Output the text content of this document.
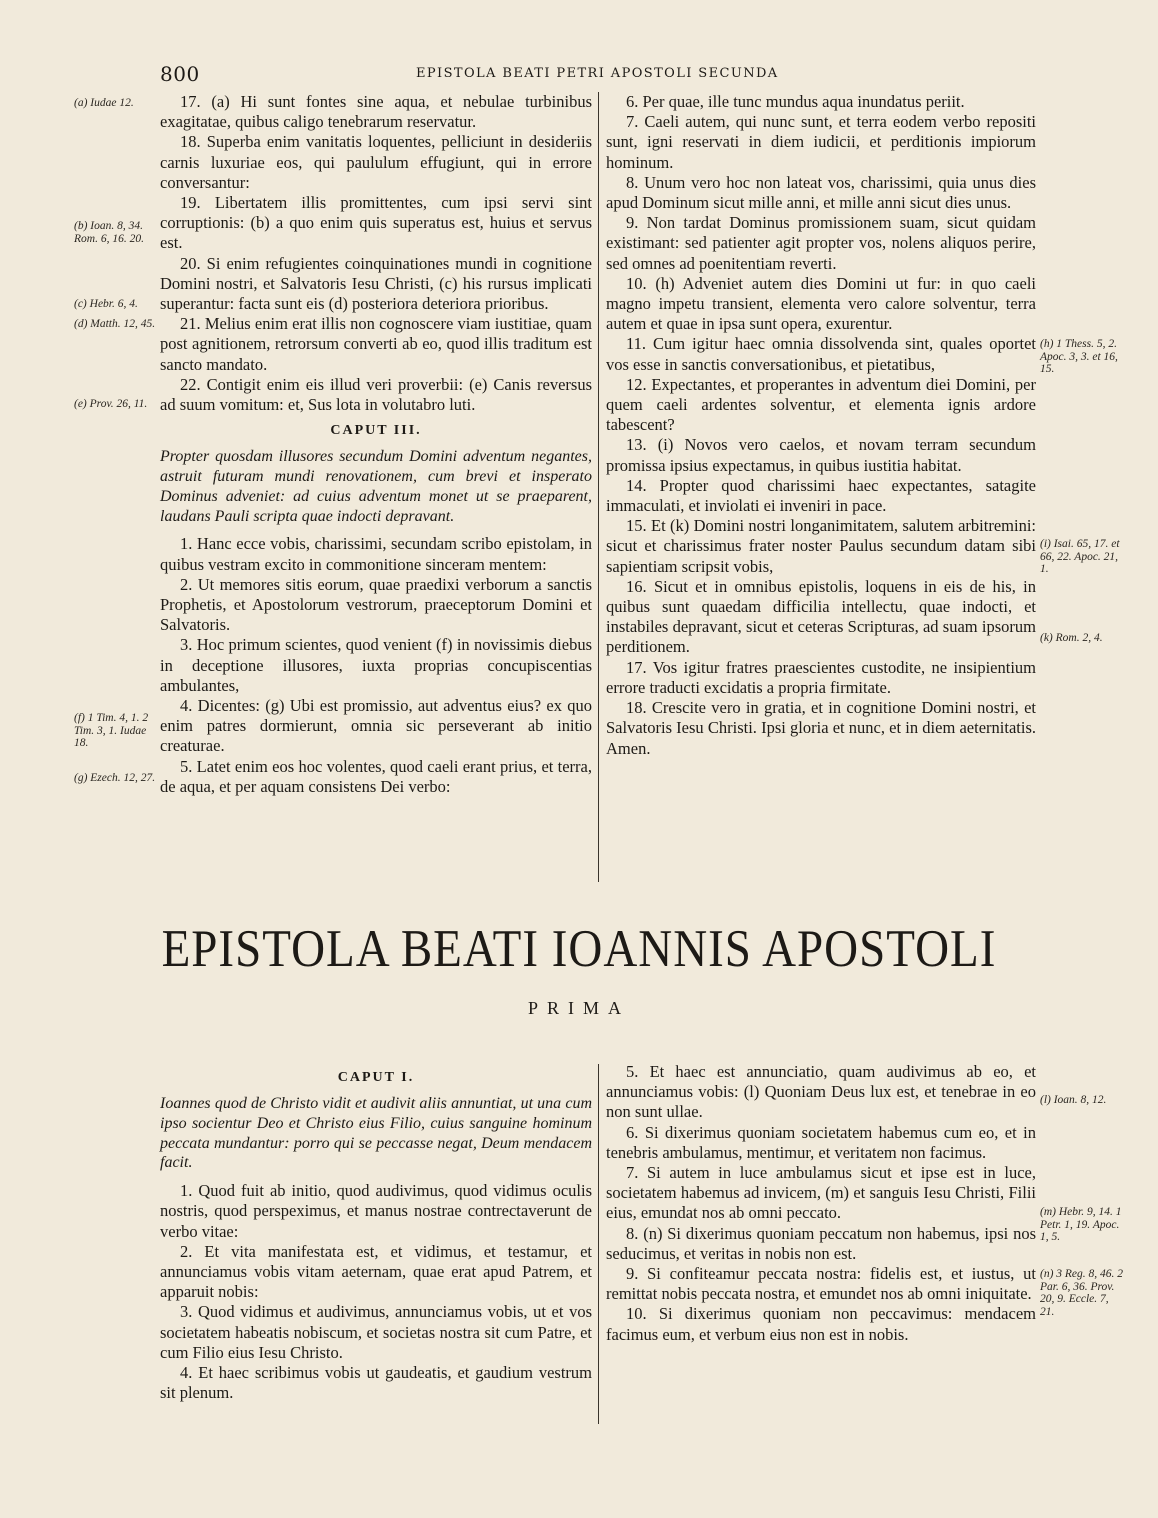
800	EPISTOLA BEATI PETRI APOSTOLI SECUNDA

17. (a) Hi sunt fontes sine aqua, et nebulae turbinibus exagitatae, quibus caligo tenebrarum reservatur.

18. Superba enim vanitatis loquentes, pelliciunt in desideriis carnis luxuriae eos, qui paululum effugiunt, qui in errore conversantur:

19. Libertatem illis promittentes, cum ipsi servi sint corruptionis: (b) a quo enim quis superatus est, huius et servus est.

20. Si enim refugientes coinquinationes mundi in cognitione Domini nostri, et Salvatoris Iesu Christi, (c) his rursus implicati superantur: facta sunt eis (d) posteriora deteriora prioribus.

21. Melius enim erat illis non cognoscere viam iustitiae, quam post agnitionem, retrorsum converti ab eo, quod illis traditum est sancto mandato.

22. Contigit enim eis illud veri proverbii: (e) Canis reversus ad suum vomitum: et, Sus lota in volutabro luti.

CAPUT III.

Propter quosdam illusores secundum Domini adventum negantes, astruit futuram mundi renovationem, cum brevi et insperato Dominus adveniet: ad cuius adventum monet ut se praeparent, laudans Pauli scripta quae indocti depravant.

1. Hanc ecce vobis, charissimi, secundam scribo epistolam, in quibus vestram excito in commonitione sinceram mentem:

2. Ut memores sitis eorum, quae praedixi verborum a sanctis Prophetis, et Apostolorum vestrorum, praeceptorum Domini et Salvatoris.

3. Hoc primum scientes, quod venient (f) in novissimis diebus in deceptione illusores, iuxta proprias concupiscentias ambulantes,

4. Dicentes: (g) Ubi est promissio, aut adventus eius? ex quo enim patres dormierunt, omnia sic perseverant ab initio creaturae.

5. Latet enim eos hoc volentes, quod caeli erant prius, et terra, de aqua, et per aquam consistens Dei verbo:

6. Per quae, ille tunc mundus aqua inundatus periit.

7. Caeli autem, qui nunc sunt, et terra eodem verbo repositi sunt, igni reservati in diem iudicii, et perditionis impiorum hominum.

8. Unum vero hoc non lateat vos, charissimi, quia unus dies apud Dominum sicut mille anni, et mille anni sicut dies unus.

9. Non tardat Dominus promissionem suam, sicut quidam existimant: sed patienter agit propter vos, nolens aliquos perire, sed omnes ad poenitentiam reverti.

10. (h) Adveniet autem dies Domini ut fur: in quo caeli magno impetu transient, elementa vero calore solventur, terra autem et quae in ipsa sunt opera, exurentur.

11. Cum igitur haec omnia dissolvenda sint, quales oportet vos esse in sanctis conversationibus, et pietatibus,

12. Expectantes, et properantes in adventum diei Domini, per quem caeli ardentes solventur, et elementa ignis ardore tabescent?

13. (i) Novos vero caelos, et novam terram secundum promissa ipsius expectamus, in quibus iustitia habitat.

14. Propter quod charissimi haec expectantes, satagite immaculati, et inviolati ei inveniri in pace.

15. Et (k) Domini nostri longanimitatem, salutem arbitremini: sicut et charissimus frater noster Paulus secundum datam sibi sapientiam scripsit vobis,

16. Sicut et in omnibus epistolis, loquens in eis de his, in quibus sunt quaedam difficilia intellectu, quae indocti, et instabiles depravant, sicut et ceteras Scripturas, ad suam ipsorum perditionem.

17. Vos igitur fratres praescientes custodite, ne insipientium errore traducti excidatis a propria firmitate.

18. Crescite vero in gratia, et in cognitione Domini nostri, et Salvatoris Iesu Christi. Ipsi gloria et nunc, et in diem aeternitatis. Amen.

EPISTOLA BEATI IOANNIS APOSTOLI
PRIMA
CAPUT I.

Ioannes quod de Christo vidit et audivit aliis annuntiat, ut una cum ipso socientur Deo et Christo eius Filio, cuius sanguine hominum peccata mundantur: porro qui se peccasse negat, Deum mendacem facit.

1. Quod fuit ab initio, quod audivimus, quod vidimus oculis nostris, quod perspeximus, et manus nostrae contrectaverunt de verbo vitae:

2. Et vita manifestata est, et vidimus, et testamur, et annunciamus vobis vitam aeternam, quae erat apud Patrem, et apparuit nobis:

3. Quod vidimus et audivimus, annunciamus vobis, ut et vos societatem habeatis nobiscum, et societas nostra sit cum Patre, et cum Filio eius Iesu Christo.

4. Et haec scribimus vobis ut gaudeatis, et gaudium vestrum sit plenum.

5. Et haec est annunciatio, quam audivimus ab eo, et annunciamus vobis: (l) Quoniam Deus lux est, et tenebrae in eo non sunt ullae.

6. Si dixerimus quoniam societatem habemus cum eo, et in tenebris ambulamus, mentimur, et veritatem non facimus.

7. Si autem in luce ambulamus sicut et ipse est in luce, societatem habemus ad invicem, (m) et sanguis Iesu Christi, Filii eius, emundat nos ab omni peccato.

8. (n) Si dixerimus quoniam peccatum non habemus, ipsi nos seducimus, et veritas in nobis non est.

9. Si confiteamur peccata nostra: fidelis est, et iustus, ut remittat nobis peccata nostra, et emundet nos ab omni iniquitate.

10. Si dixerimus quoniam non peccavimus: mendacem facimus eum, et verbum eius non est in nobis.

(a) Iudae 12.
(b) Ioan. 8, 34. Rom. 6, 16. 20.
(c) Hebr. 6, 4.
(d) Matth. 12, 45.
(e) Prov. 26, 11.
(f) 1 Tim. 4, 1. 2 Tim. 3, 1. Iudae 18.
(g) Ezech. 12, 27.
(h) 1 Thess. 5, 2. Apoc. 3, 3. et 16, 15.
(i) Isai. 65, 17. et 66, 22. Apoc. 21, 1.
(k) Rom. 2, 4.
(l) Ioan. 8, 12.
(m) Hebr. 9, 14. 1 Petr. 1, 19. Apoc. 1, 5.
(n) 3 Reg. 8, 46. 2 Par. 6, 36. Prov. 20, 9. Eccle. 7, 21.
